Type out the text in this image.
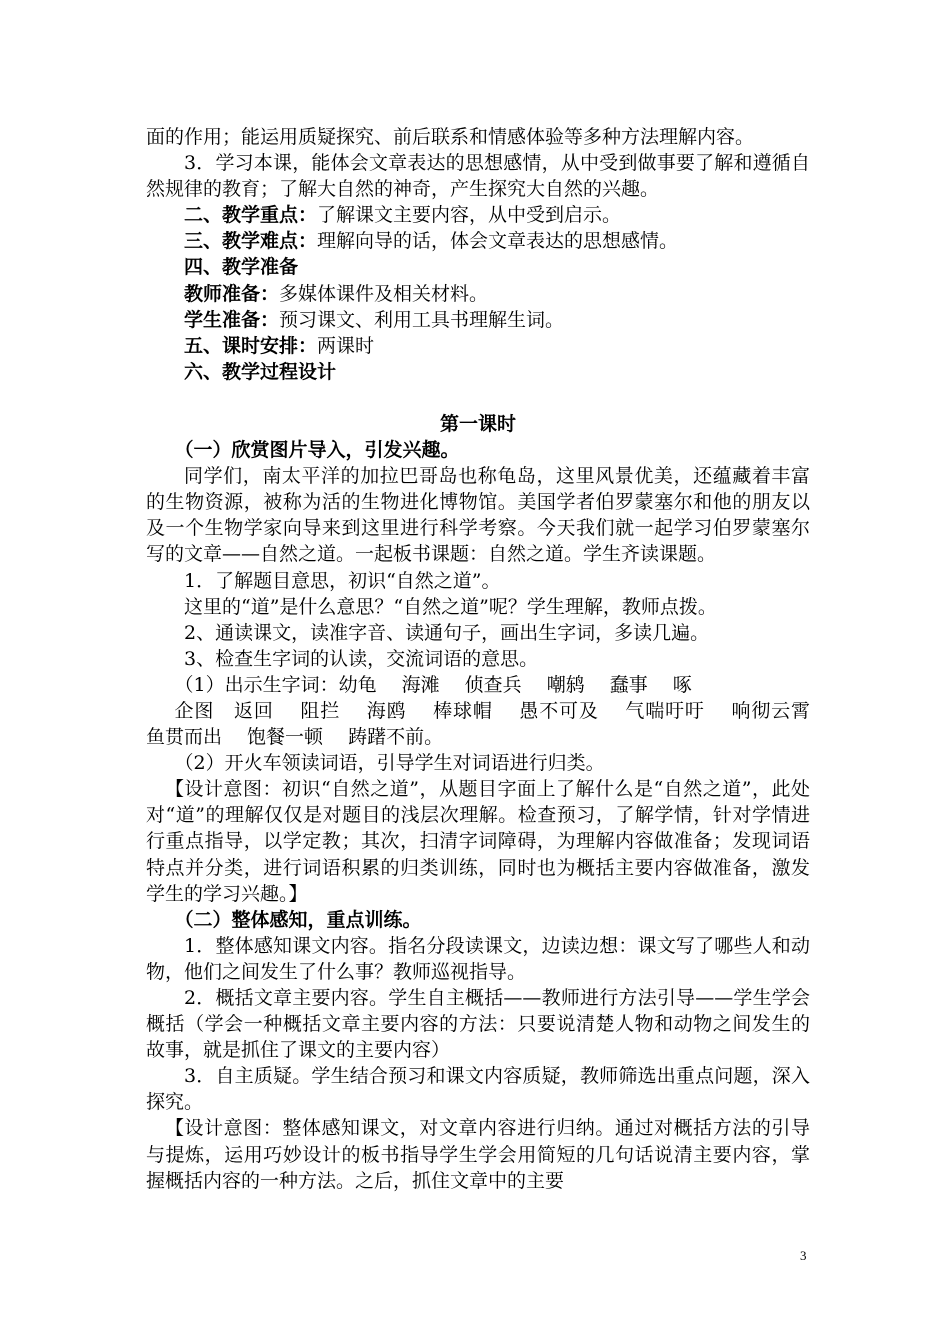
面的作用；能运用质疑探究、前后联系和情感体验等多种方法理解内容。

3．学习本课，能体会文章表达的思想感情，从中受到做事要了解和遵循自然规律的教育；了解大自然的神奇，产生探究大自然的兴趣。

二、教学重点：了解课文主要内容，从中受到启示。

三、教学难点：理解向导的话，体会文章表达的思想感情。

四、教学准备

教师准备：多媒体课件及相关材料。

学生准备：预习课文、利用工具书理解生词。

五、课时安排：两课时

六、教学过程设计

第一课时

（一）欣赏图片导入，引发兴趣。

同学们，南太平洋的加拉巴哥岛也称龟岛，这里风景优美，还蕴藏着丰富的生物资源，被称为活的生物进化博物馆。美国学者伯罗蒙塞尔和他的朋友以及一个生物学家向导来到这里进行科学考察。今天我们就一起学习伯罗蒙塞尔写的文章——自然之道。一起板书课题：自然之道。学生齐读课题。

1．了解题目意思，初识“自然之道”。

这里的“道”是什么意思？“自然之道”呢？学生理解，教师点拨。

2、通读课文，读准字音、读通句子，画出生字词，多读几遍。

3、检查生字词的认读，交流词语的意思。

（1）出示生字词：幼龟　 海滩　 侦查兵　 嘲鸫　 蠢事　 啄

企图　返回　 阻拦　 海鸥　 棒球帽　 愚不可及　 气喘吁吁　 响彻云霄　 鱼贯而出　 饱餐一顿　 踌躇不前。

（2）开火车领读词语，引导学生对词语进行归类。

【设计意图：初识“自然之道”，从题目字面上了解什么是“自然之道”，此处对“道”的理解仅仅是对题目的浅层次理解。检查预习，了解学情，针对学情进行重点指导，以学定教；其次，扫清字词障碍，为理解内容做准备；发现词语特点并分类，进行词语积累的归类训练，同时也为概括主要内容做准备，激发学生的学习兴趣。】

（二）整体感知，重点训练。

1．整体感知课文内容。指名分段读课文，边读边想：课文写了哪些人和动物，他们之间发生了什么事？教师巡视指导。

2．概括文章主要内容。学生自主概括——教师进行方法引导——学生学会概括（学会一种概括文章主要内容的方法：只要说清楚人物和动物之间发生的故事，就是抓住了课文的主要内容）

3．自主质疑。学生结合预习和课文内容质疑，教师筛选出重点问题，深入探究。

【设计意图：整体感知课文，对文章内容进行归纳。通过对概括方法的引导与提炼，运用巧妙设计的板书指导学生学会用简短的几句话说清主要内容，掌握概括内容的一种方法。之后，抓住文章中的主要

3
